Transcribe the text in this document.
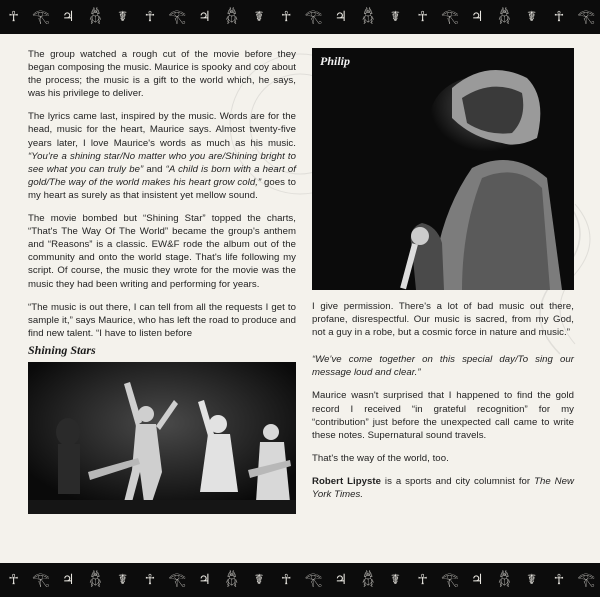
☥ 𓂀 ♃	𓆣	☤	☥ 𓂀 ♃	𓆣	☤	☥ 𓂀 ♃	𓆣	☤	☥ 𓂀 ♃	𓆣	☤	☥ 𓂀

The group watched a rough cut of the movie before they began composing the music. Maurice is spooky and coy about the process; the music is a gift to the world which, he says, was his privilege to deliver.

The lyrics came last, inspired by the music. Words are for the head, music for the heart, Maurice says. Almost twenty-five years later, I love Maurice's words as much as his music. “You're a shining star/No matter who you are/Shining bright to see what you can truly be” and “A child is born with a heart of gold/The way of the world makes his heart grow cold,” goes to my heart as surely as that insistent yet mellow sound.

The movie bombed but “Shining Star” topped the charts, “That's The Way Of The World” became the group's anthem and “Reasons” is a classic. EW&F rode the album out of the community and onto the world stage. That's life following my script. Of course, the music they wrote for the movie was the music they had been writing and performing for years.

“The music is out there, I can tell from all the requests I get to sample it,” says Maurice, who has left the road to produce and find new talent. “I have to listen before

Shining Stars
Philip

I give permission. There's a lot of bad music out there, profane, disrespectful. Our music is sacred, from my God, not a guy in a robe, but a cosmic force in nature and music.”

“We've come together on this special day/To sing our message loud and clear.”

Maurice wasn't surprised that I happened to find the gold record I received “in grateful recognition” for my “contribution” just before the unexpected call came to write these notes. Supernatural sound travels.

That's the way of the world, too.

Robert Lipyste is a sports and city columnist for The New York Times.

☥ 𓂀 ♃	𓆣	☤	☥ 𓂀 ♃	𓆣	☤	☥ 𓂀 ♃	𓆣	☤	☥ 𓂀 ♃	𓆣	☤	☥ 𓂀
